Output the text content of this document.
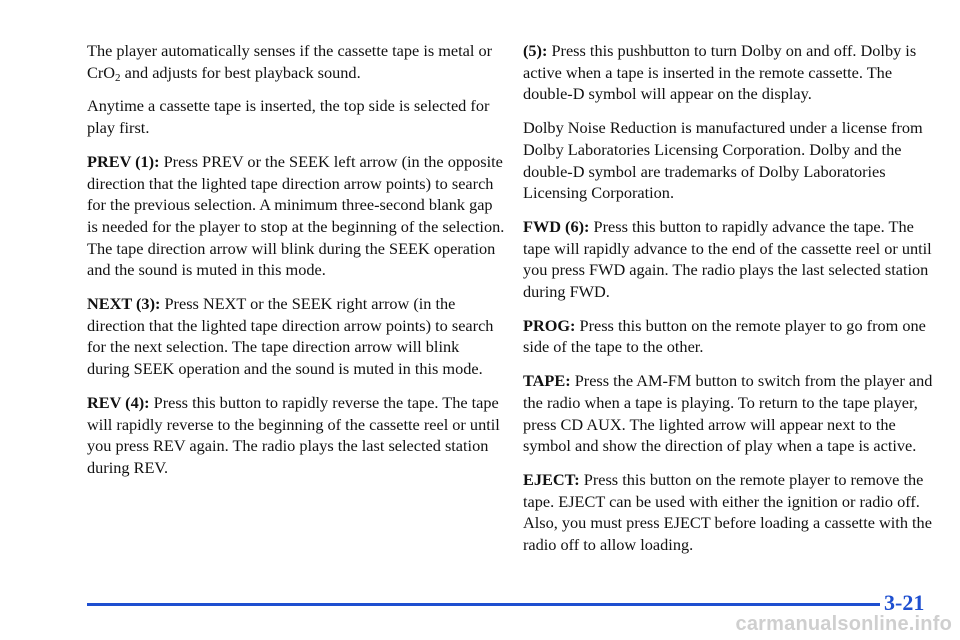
The player automatically senses if the cassette tape is metal or CrO$_2$ and adjusts for best playback sound.

Anytime a cassette tape is inserted, the top side is selected for play first.

PREV (1): Press PREV or the SEEK left arrow (in the opposite direction that the lighted tape direction arrow points) to search for the previous selection. A minimum three‐second blank gap is needed for the player to stop at the beginning of the selection. The tape direction arrow will blink during the SEEK operation and the sound is muted in this mode.

NEXT (3): Press NEXT or the SEEK right arrow (in the direction that the lighted tape direction arrow points) to search for the next selection. The tape direction arrow will blink during SEEK operation and the sound is muted in this mode.

REV (4): Press this button to rapidly reverse the tape. The tape will rapidly reverse to the beginning of the cassette reel or until you press REV again. The radio plays the last selected station during REV.

(5): Press this pushbutton to turn Dolby on and off. Dolby is active when a tape is inserted in the remote cassette. The double‐D symbol will appear on the display.

Dolby Noise Reduction is manufactured under a license from Dolby Laboratories Licensing Corporation. Dolby and the double‐D symbol are trademarks of Dolby Laboratories Licensing Corporation.

FWD (6): Press this button to rapidly advance the tape. The tape will rapidly advance to the end of the cassette reel or until you press FWD again. The radio plays the last selected station during FWD.

PROG: Press this button on the remote player to go from one side of the tape to the other.

TAPE: Press the AM‐FM button to switch from the player and the radio when a tape is playing. To return to the tape player, press CD AUX. The lighted arrow will appear next to the symbol and show the direction of play when a tape is active.

EJECT: Press this button on the remote player to remove the tape. EJECT can be used with either the ignition or radio off. Also, you must press EJECT before loading a cassette with the radio off to allow loading.

3-21
carmanualsonline.info
